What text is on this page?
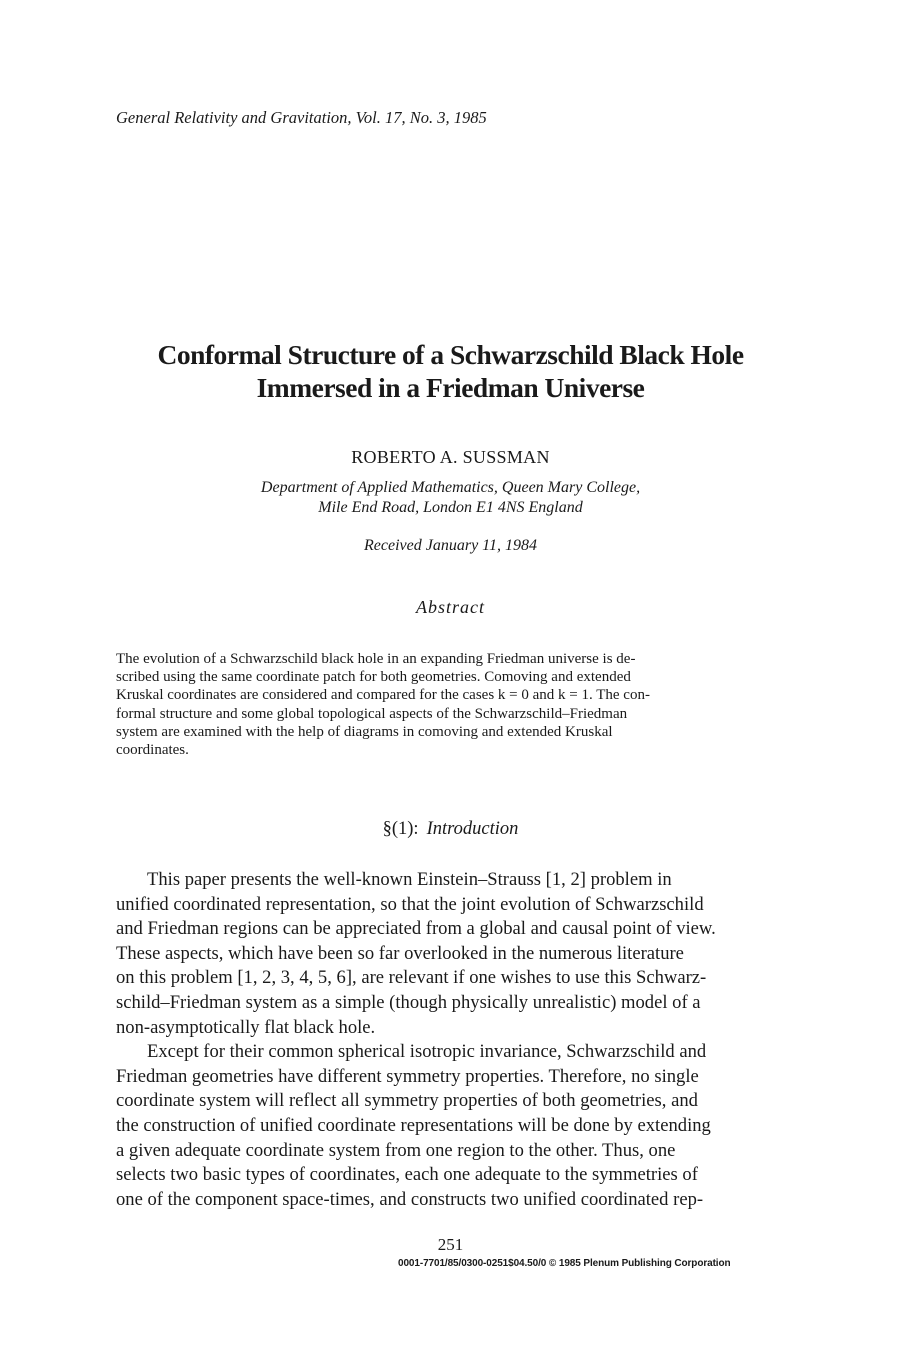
General Relativity and Gravitation, Vol. 17, No. 3, 1985
Conformal Structure of a Schwarzschild Black Hole
Immersed in a Friedman Universe
ROBERTO A. SUSSMAN
Department of Applied Mathematics, Queen Mary College,
Mile End Road, London E1 4NS England
Received January 11, 1984
Abstract
The evolution of a Schwarzschild black hole in an expanding Friedman universe is de-
scribed using the same coordinate patch for both geometries. Comoving and extended
Kruskal coordinates are considered and compared for the cases k = 0 and k = 1. The con-
formal structure and some global topological aspects of the Schwarzschild–Friedman
system are examined with the help of diagrams in comoving and extended Kruskal
coordinates.
§(1): Introduction
This paper presents the well-known Einstein–Strauss [1, 2] problem in
unified coordinated representation, so that the joint evolution of Schwarzschild
and Friedman regions can be appreciated from a global and causal point of view.
These aspects, which have been so far overlooked in the numerous literature
on this problem [1, 2, 3, 4, 5, 6], are relevant if one wishes to use this Schwarz-
schild–Friedman system as a simple (though physically unrealistic) model of a
non-asymptotically flat black hole.
Except for their common spherical isotropic invariance, Schwarzschild and
Friedman geometries have different symmetry properties. Therefore, no single
coordinate system will reflect all symmetry properties of both geometries, and
the construction of unified coordinate representations will be done by extending
a given adequate coordinate system from one region to the other. Thus, one
selects two basic types of coordinates, each one adequate to the symmetries of
one of the component space-times, and constructs two unified coordinated rep-
251
0001-7701/85/0300-0251$04.50/0 © 1985 Plenum Publishing Corporation
